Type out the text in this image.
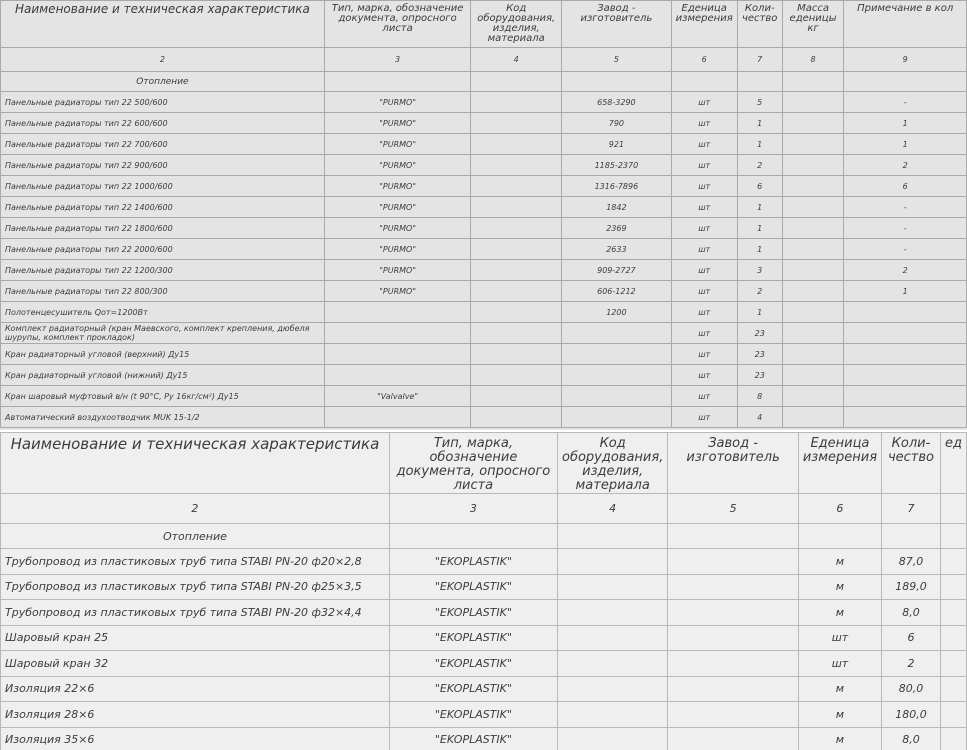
Наименование и техническая характеристика	Тип, марка, обозначение документа, опросного листа	Код оборудования, изделия, материала	Завод - изготовитель	Еденица измерения	Коли-чество	Масса еденицы кг	Примечание в кол
2	3	4	5	6	7	8	9
Отопление							
Панельные радиаторы тип 22 500/600	"PURMO"		658-3290	шт	5		-
Панельные радиаторы тип 22 600/600	"PURMO"		790	шт	1		1
Панельные радиаторы тип 22 700/600	"PURMO"		921	шт	1		1
Панельные радиаторы тип 22 900/600	"PURMO"		1185-2370	шт	2		2
Панельные радиаторы тип 22 1000/600	"PURMO"		1316-7896	шт	6		6
Панельные радиаторы тип 22 1400/600	"PURMO"		1842	шт	1		-
Панельные радиаторы тип 22 1800/600	"PURMO"		2369	шт	1		-
Панельные радиаторы тип 22 2000/600	"PURMO"		2633	шт	1		-
Панельные радиаторы тип 22 1200/300	"PURMO"		909-2727	шт	3		2
Панельные радиаторы тип 22 800/300	"PURMO"		606-1212	шт	2		1
Полотенцесушитель Qот=1200Вт			1200	шт	1		
Комплект радиаторный (кран Маевского, комплект крепления, дюбеля шурупы, комплект прокладок)				шт	23		
Кран радиаторный угловой (верхний) Ду15				шт	23		
Кран радиаторный угловой (нижний) Ду15				шт	23		
Кран шаровый муфтовый в/н (t 90°C, Ру 16кг/см²) Ду15	"Valvalve"			шт	8		
Автоматический воздухоотводчик MUK 15-1/2				шт	4		
Наименование и техническая характеристика	Тип, марка, обозначение документа, опросного листа	Код оборудования, изделия, материала	Завод - изготовитель	Еденица измерения	Коли-чество	ед
2	3	4	5	6	7	
Отопление						
Трубопровод из пластиковых труб типа STABI PN-20 ф20×2,8	"EKOPLASTIK"			м	87,0	
Трубопровод из пластиковых труб типа STABI PN-20 ф25×3,5	"EKOPLASTIK"			м	189,0	
Трубопровод из пластиковых труб типа STABI PN-20 ф32×4,4	"EKOPLASTIK"			м	8,0	
Шаровый кран 25	"EKOPLASTIK"			шт	6	
Шаровый кран 32	"EKOPLASTIK"			шт	2	
Изоляция 22×6	"EKOPLASTIK"			м	80,0	
Изоляция 28×6	"EKOPLASTIK"			м	180,0	
Изоляция 35×6	"EKOPLASTIK"			м	8,0	
